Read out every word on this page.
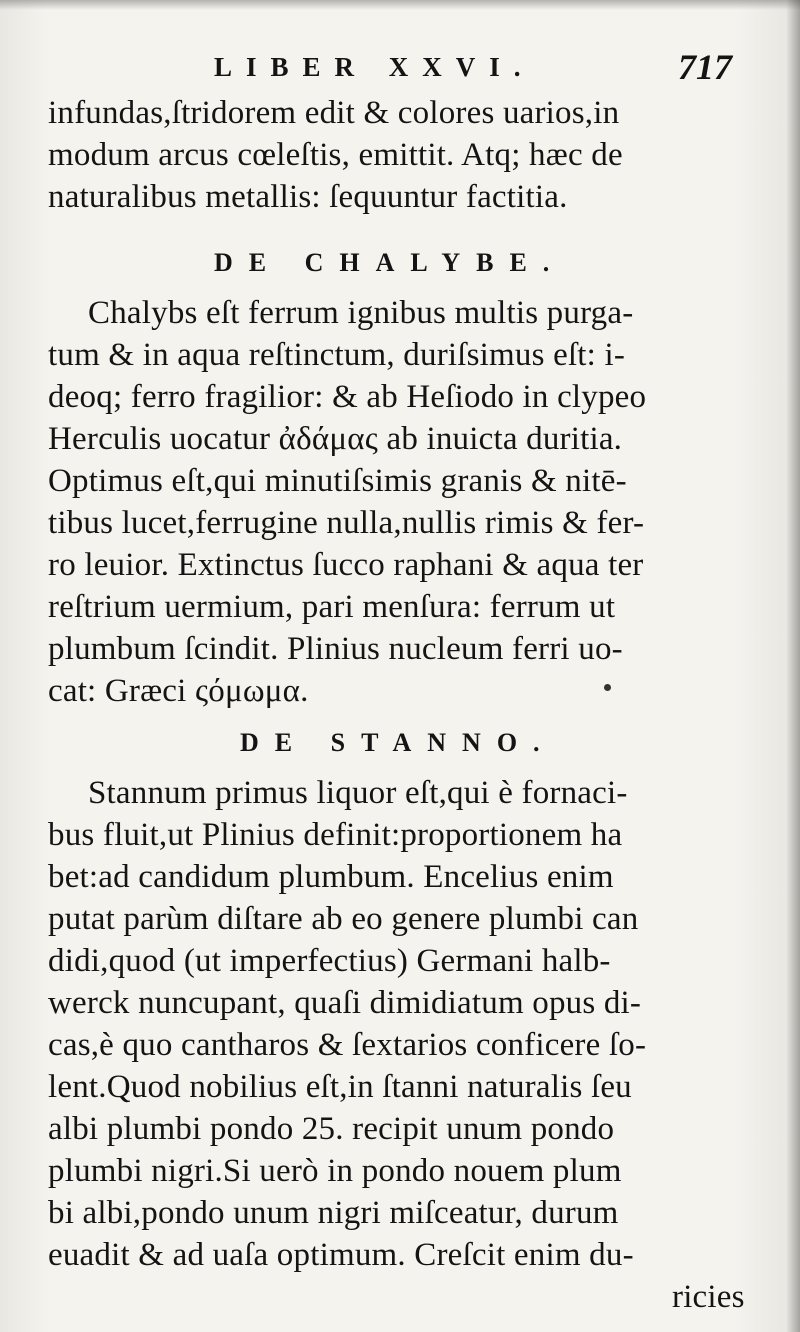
LIBER XXVI.	717
infundas,ſtridorem edit & colores uarios,in
modum arcus cœleſtis, emittit. Atq; hæc de
naturalibus metallis: ſequuntur factitia.
DE CHALYBE.
Chalybs eſt ferrum ignibus multis purga-
tum & in aqua reſtinctum, duriſsimus eſt: i-
deoq; ferro fragilior: & ab Heſiodo in clypeo
Herculis uocatur ἀδάμας ab inuicta duritia.
Optimus eſt,qui minutiſsimis granis & nitē-
tibus lucet,ferrugine nulla,nullis rimis & fer-
ro leuior. Extinctus ſucco raphani & aqua ter
reſtrium uermium, pari menſura: ferrum ut
plumbum ſcindit. Plinius nucleum ferri uo-
cat: Græci ςόμωμα.
DE STANNO.
Stannum primus liquor eſt,qui è fornaci-
bus fluit,ut Plinius definit:proportionem ha
bet:ad candidum plumbum. Encelius enim
putat parùm diſtare ab eo genere plumbi can
didi,quod (ut imperfectius) Germani halb-
werck nuncupant, quaſi dimidiatum opus di-
cas,è quo cantharos & ſextarios conficere ſo-
lent.Quod nobilius eſt,in ſtanni naturalis ſeu
albi plumbi pondo 25. recipit unum pondo
plumbi nigri.Si uerò in pondo nouem plum
bi albi,pondo unum nigri miſceatur, durum
euadit & ad uaſa optimum. Creſcit enim du-
ricies
